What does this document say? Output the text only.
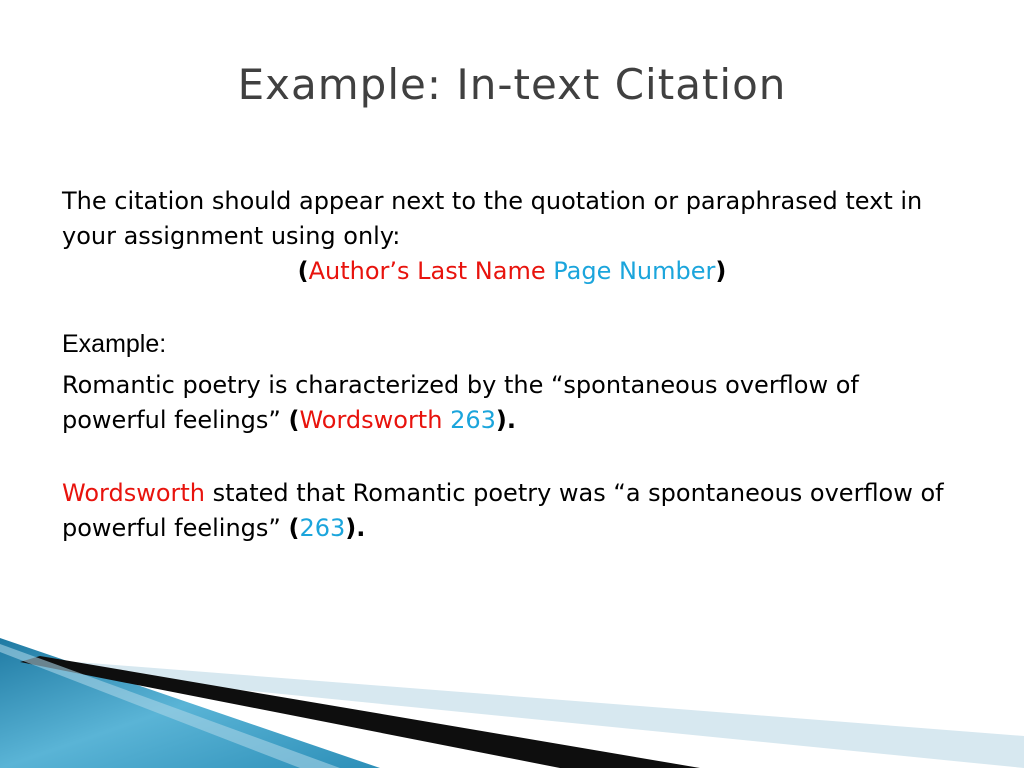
Example: In-text Citation

The citation should appear next to the quotation or paraphrased text in your assignment using only:

(Author’s Last Name Page Number)

Example:

Romantic poetry is characterized by the “spontaneous overflow of powerful feelings” (Wordsworth 263).

Wordsworth stated that Romantic poetry was “a spontaneous overflow of powerful feelings” (263).
